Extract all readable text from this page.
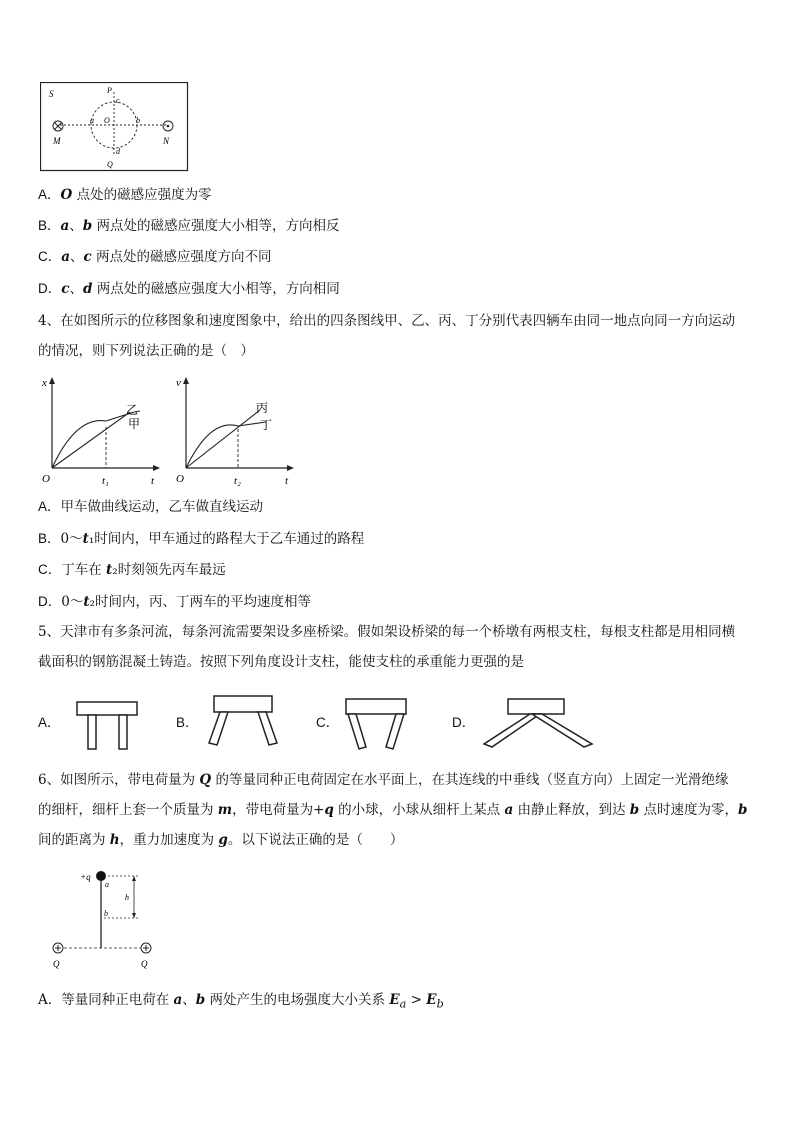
S	P
a O	b
c
d
M	N
Q
A．O 点处的磁感应强度为零
B．a、b 两点处的磁感应强度大小相等，方向相反
C．a、c 两点处的磁感应强度方向不同
D．c、d 两点处的磁感应强度大小相等，方向相同
4、在如图所示的位移图象和速度图象中，给出的四条图线甲、乙、丙、丁分别代表四辆车由同一地点向同一方向运动
的情况，则下列说法正确的是（　）
x
t
O	t₁
乙
甲
v
t
O	t₂
丙
丁
A．甲车做曲线运动，乙车做直线运动
B．0～t₁时间内，甲车通过的路程大于乙车通过的路程
C．丁车在 t₂时刻领先丙车最远
D．0～t₂时间内，丙、丁两车的平均速度相等
5、天津市有多条河流，每条河流需要架设多座桥梁。假如架设桥梁的每一个桥墩有两根支柱，每根支柱都是用相同横
截面积的钢筋混凝土铸造。按照下列角度设计支柱，能使支柱的承重能力更强的是
A．	B．	C．	D．
6、如图所示，带电荷量为 Q 的等量同种正电荷固定在水平面上，在其连线的中垂线（竖直方向）上固定一光滑绝缘
的细杆，细杆上套一个质量为 m，带电荷量为+q 的小球，小球从细杆上某点 a 由静止释放，到达 b 点时速度为零，b
间的距离为 h，重力加速度为 g。以下说法正确的是（　　）
+q
a
b
h
Q	Q
A．等量同种正电荷在 a、b 两处产生的电场强度大小关系 $E_a > E_b$
